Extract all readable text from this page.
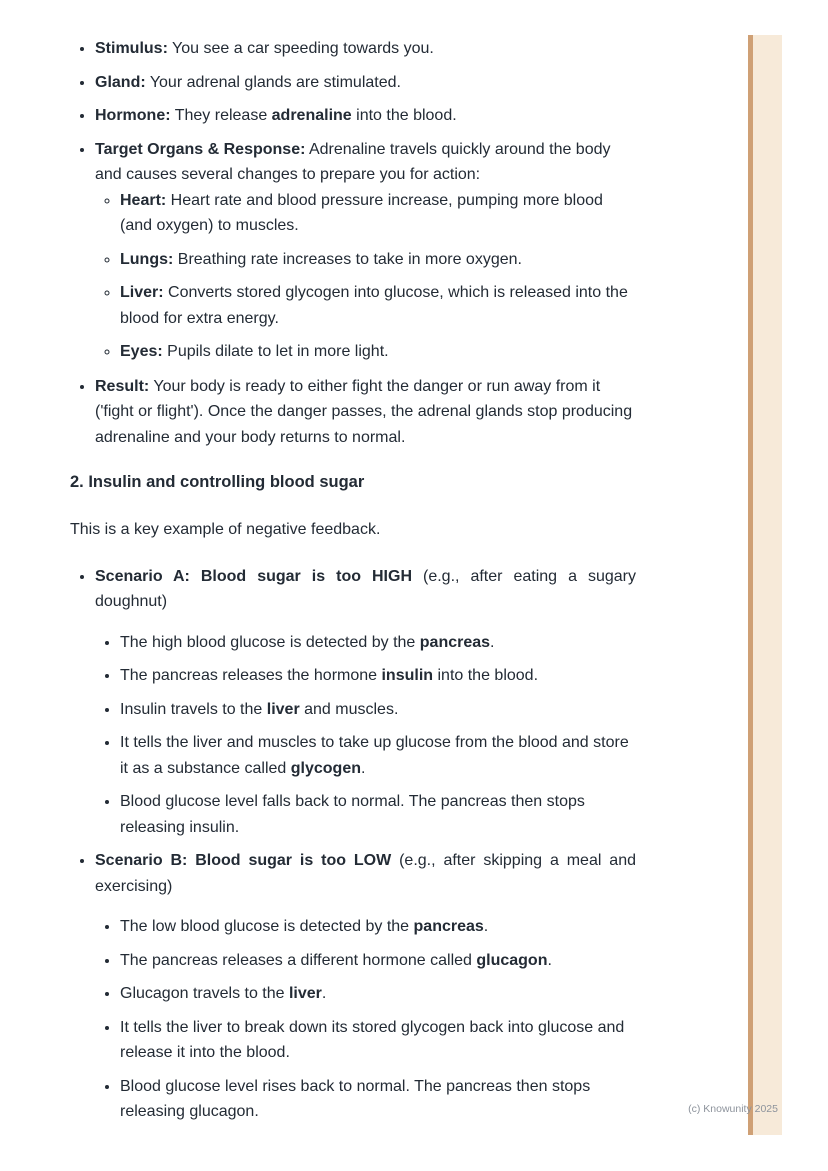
• Stimulus: You see a car speeding towards you.
• Gland: Your adrenal glands are stimulated.
• Hormone: They release adrenaline into the blood.
• Target Organs & Response: Adrenaline travels quickly around the body and causes several changes to prepare you for action:
◦ Heart: Heart rate and blood pressure increase, pumping more blood (and oxygen) to muscles.
◦ Lungs: Breathing rate increases to take in more oxygen.
◦ Liver: Converts stored glycogen into glucose, which is released into the blood for extra energy.
◦ Eyes: Pupils dilate to let in more light.
• Result: Your body is ready to either fight the danger or run away from it ('fight or flight'). Once the danger passes, the adrenal glands stop producing adrenaline and your body returns to normal.
2. Insulin and controlling blood sugar

This is a key example of negative feedback.

• Scenario A: Blood sugar is too HIGH (e.g., after eating a sugary doughnut)
• The high blood glucose is detected by the pancreas.
• The pancreas releases the hormone insulin into the blood.
• Insulin travels to the liver and muscles.
• It tells the liver and muscles to take up glucose from the blood and store it as a substance called glycogen.
• Blood glucose level falls back to normal. The pancreas then stops releasing insulin.
• Scenario B: Blood sugar is too LOW (e.g., after skipping a meal and exercising)
• The low blood glucose is detected by the pancreas.
• The pancreas releases a different hormone called glucagon.
• Glucagon travels to the liver.
• It tells the liver to break down its stored glycogen back into glucose and release it into the blood.
• Blood glucose level rises back to normal. The pancreas then stops releasing glucagon.	(c) Knowunity 2025
